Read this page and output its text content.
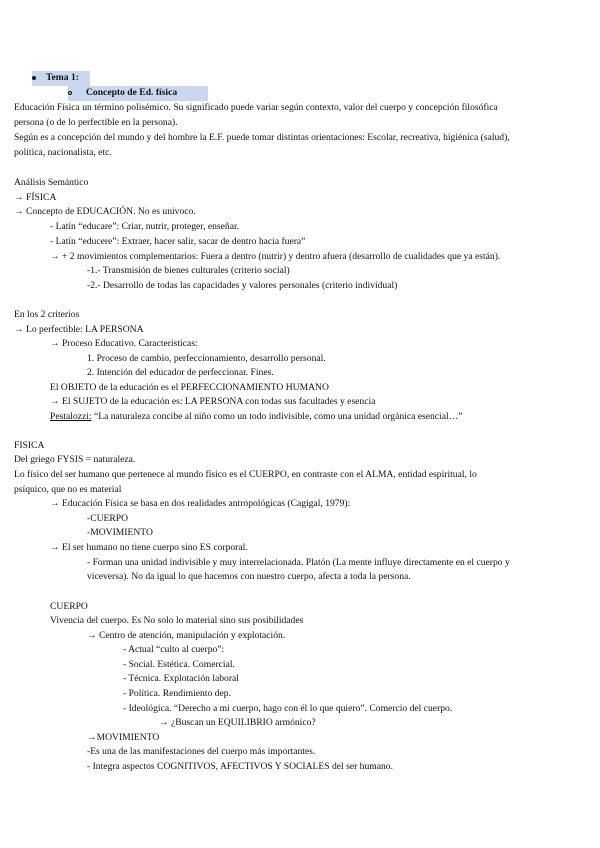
Tema 1:
Concepto de Ed. física
Educación Física un término polisémico. Su significado puede variar según contexto, valor del cuerpo y concepción filosófica
persona (o de lo perfectible en la persona).
Según es a concepción del mundo y del hombre la E.F. puede tomar distintas orientaciones: Escolar, recreativa, higiénica (salud),
política, nacionalista, etc.
Análisis Semántico
→ FÍSICA
→ Concepto de EDUCACIÓN. No es univoco.
- Latín “educare”: Criar, nutrir, proteger, enseñar.
- Latín “educere”: Extraer, hacer salir, sacar de dentro hacia fuera”
→ + 2 movimientos complementarios: Fuera a dentro (nutrir) y dentro afuera (desarrollo de cualidades que ya están).
-1.- Transmisión de bienes culturales (criterio social)
-2.- Desarrollo de todas las capacidades y valores personales (criterio individual)
En los 2 criterios
→ Lo perfectible: LA PERSONA
→ Proceso Educativo. Características:
1. Proceso de cambio, perfeccionamiento, desarrollo personal.
2. Intención del educador de perfeccionar. Fines.
El OBJETO de la educación es el PERFECCIONAMIENTO HUMANO
→ El SUJETO de la educación es: LA PERSONA con todas sus facultades y esencia
Pestalozzi: “La naturaleza concibe al niño como un todo indivisible, como una unidad orgánica esencial…”
FISICA
Del griego FYSIS = naturaleza.
Lo físico del ser humano que pertenece al mundo físico es el CUERPO, en contraste con el ALMA, entidad espiritual, lo
psíquico, que no es material
→ Educación Física se basa en dos realidades antropológicas (Cagigal, 1979):
-CUERPO
-MOVIMIENTO
→ El ser humano no tiene cuerpo sino ES corporal.
- Forman una unidad indivisible y muy interrelacionada. Platón (La mente influye directamente en el cuerpo y
viceversa). No da igual lo que hacemos con nuestro cuerpo, afecta a toda la persona.
CUERPO
Vivencia del cuerpo. Es No solo lo material sino sus posibilidades
→ Centro de atención, manipulación y explotación.
- Actual “culto al cuerpo”:
- Social. Estética. Comercial.
- Técnica. Explotación laboral
- Política. Rendimiento dep.
- Ideológica. “Derecho a mi cuerpo, hago con él lo que quiero”. Comercio del cuerpo.
→ ¿Buscan un EQUILIBRIO armónico?
→MOVIMIENTO
-Es una de las manifestaciones del cuerpo más importantes.
- Integra aspectos COGNITIVOS, AFECTIVOS Y SOCIALES del ser humano.
